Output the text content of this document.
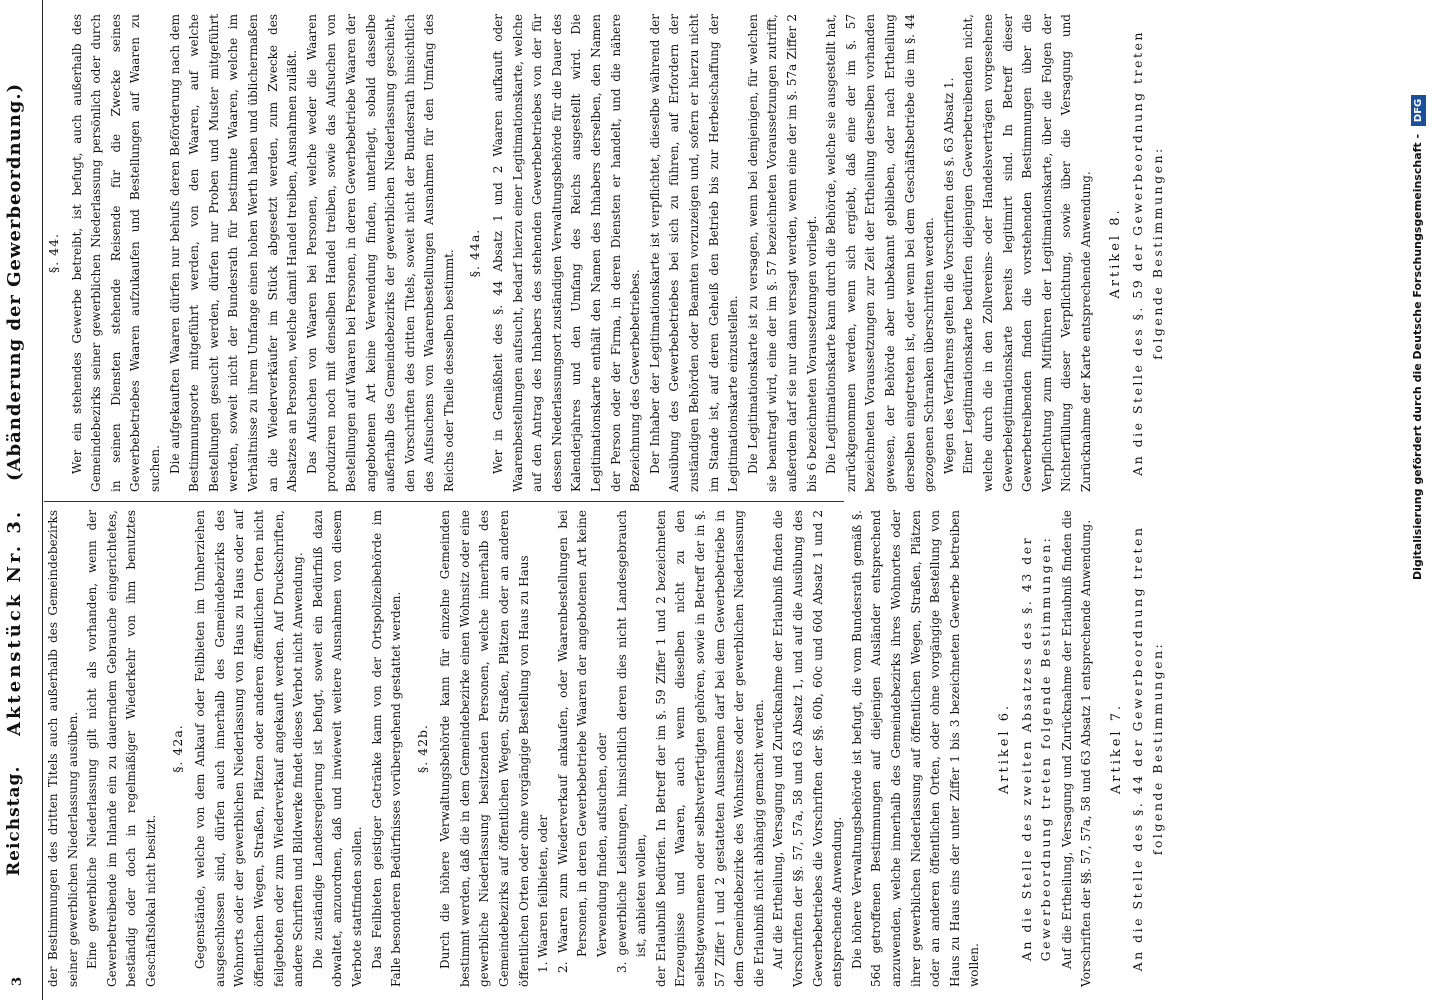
3
Reichstag.
Aktenstück Nr. 3.
(Abänderung der Gewerbeordnung.)

der Bestimmungen des dritten Titels auch außerhalb des Gemeindebezirks seiner gewerblichen Niederlassung ausüben. Eine gewerbliche Niederlassung gilt nicht als vorhanden, wenn der Gewerbetreibende im Inlande ein zu dauerndem Gebrauche eingerichtetes, beständig oder doch in regelmäßiger Wiederkehr von ihm benutztes Geschäftslokal nicht besitzt.

§. 42a. Gegenstände, welche von dem Ankauf oder Feilbieten im Umherziehen ausgeschlossen sind, dürfen auch innerhalb des Gemeindebezirks des Wohnorts oder der gewerblichen Niederlassung von Haus zu Haus oder auf öffentlichen Wegen, Straßen, Plätzen oder anderen öffentlichen Orten nicht feilgeboten oder zum Wiederverkauf angekauft werden. Auf Druckschriften, andere Schriften und Bildwerke findet dieses Verbot nicht Anwendung. Die zuständige Landesregierung ist befugt, soweit ein Bedürfniß dazu obwaltet, anzuordnen, daß und inwieweit weitere Ausnahmen von diesem Verbote stattfinden sollen. Das Feilbieten geistiger Getränke kann von der Ortspolizeibehörde im Falle besonderen Bedürfnisses vorübergehend gestattet werden. §. 42b. Durch die höhere Verwaltungsbehörde kann für einzelne Gemeinden bestimmt werden, daß die in dem Gemeindebezirke einen Wohnsitz oder eine gewerbliche Niederlassung besitzenden Personen, welche innerhalb des Gemeindebezirks auf öffentlichen Wegen, Straßen, Plätzen oder an anderen öffentlichen Orten oder ohne vorgängige Bestellung von Haus zu Haus 1. Waaren feilbieten, oder 2. Waaren zum Wiederverkauf ankaufen, oder Waarenbestellungen bei Personen, in deren Gewerbebetriebe Waaren der angebotenen Art keine Verwendung finden, aufsuchen, oder 3. gewerbliche Leistungen, hinsichtlich deren dies nicht Landesgebrauch ist, anbieten wollen, der Erlaubniß bedürfen. In Betreff der im §. 59 Ziffer 1 und 2 bezeichneten Erzeugnisse und Waaren, auch wenn dieselben nicht zu den selbstgewonnenen oder selbstverfertigten gehören, sowie in Betreff der in §. 57 Ziffer 1 und 2 gestatteten Ausnahmen darf bei dem Gewerbebetriebe in dem Gemeindebezirke des Wohnsitzes oder der gewerblichen Niederlassung die Erlaubniß nicht abhängig gemacht werden. Auf die Ertheilung, Versagung und Zurücknahme der Erlaubniß finden die Vorschriften der §§. 57, 57a, 58 und 63 Absatz 1, und auf die Ausübung des Gewerbebetriebes die Vorschriften der §§. 60b, 60c und 60d Absatz 1 und 2 entsprechende Anwendung. Die höhere Verwaltungsbehörde ist befugt, die vom Bundesrath gemäß §. 56d getroffenen Bestimmungen auf diejenigen Ausländer entsprechend anzuwenden, welche innerhalb des Gemeindebezirks ihres Wohnortes oder ihrer gewerblichen Niederlassung auf öffentlichen Wegen, Straßen, Plätzen oder an anderen öffentlichen Orten, oder ohne vorgängige Bestellung von Haus zu Haus eins der unter Ziffer 1 bis 3 bezeichneten Gewerbe betreiben wollen.

Artikel 6. An die Stelle des zweiten Absatzes des §. 43 der Gewerbeordnung treten folgende Bestimmungen: Auf die Ertheilung, Versagung und Zurücknahme der Erlaubniß finden die Vorschriften der §§. 57, 57a, 58 und 63 Absatz 1 entsprechende Anwendung. Artikel 7. An die Stelle des §. 44 der Gewerbeordnung treten folgende Bestimmungen:
§. 44. Wer ein stehendes Gewerbe betreibt, ist befugt, auch außerhalb des Gemeindebezirks seiner gewerblichen Niederlassung persönlich oder durch in seinen Diensten stehende Reisende für die Zwecke seines Gewerbebetriebes Waaren aufzukaufen und Bestellungen auf Waaren zu suchen. Die aufgekauften Waaren dürfen nur behufs deren Beförderung nach dem Bestimmungsorte mitgeführt werden, von den Waaren, auf welche Bestellungen gesucht werden, dürfen nur Proben und Muster mitgeführt werden, soweit nicht der Bundesrath für bestimmte Waaren, welche im Verhältnisse zu ihrem Umfange einen hohen Werth haben und üblichermaßen an die Wiederverkäufer im Stück abgesetzt werden, zum Zwecke des Absatzes an Personen, welche damit Handel treiben, Ausnahmen zuläßt. Das Aufsuchen von Waaren bei Personen, welche weder die Waaren produziren noch mit denselben Handel treiben, sowie das Aufsuchen von Bestellungen auf Waaren bei Personen, in deren Gewerbebetriebe Waaren der angebotenen Art keine Verwendung finden, unterliegt, sobald dasselbe außerhalb des Gemeindebezirks der gewerblichen Niederlassung geschieht, den Vorschriften des dritten Titels, soweit nicht der Bundesrath hinsichtlich des Aufsuchens von Waarenbestellungen Ausnahmen für den Umfang des Reichs oder Theile desselben bestimmt. §. 44a. Wer in Gemäßheit des §. 44 Absatz 1 und 2 Waaren aufkauft oder Waarenbestellungen aufsucht, bedarf hierzu einer Legitimationskarte, welche auf den Antrag des Inhabers des stehenden Gewerbebetriebes von der für dessen Niederlassungsort zuständigen Verwaltungsbehörde für die Dauer des Kalenderjahres und den Umfang des Reichs ausgestellt wird. Die Legitimationskarte enthält den Namen des Inhabers derselben, den Namen der Person oder der Firma, in deren Diensten er handelt, und die nähere Bezeichnung des Gewerbebetriebes. Der Inhaber der Legitimationskarte ist verpflichtet, dieselbe während der Ausübung des Gewerbebetriebes bei sich zu führen, auf Erfordern der zuständigen Behörden oder Beamten vorzuzeigen und, sofern er hierzu nicht im Stande ist, auf deren Geheiß den Betrieb bis zur Herbeischaffung der Legitimationskarte einzustellen. Die Legitimationskarte ist zu versagen, wenn bei demjenigen, für welchen sie beantragt wird, eine der im §. 57 bezeichneten Voraussetzungen zutrifft, außerdem darf sie nur dann versagt werden, wenn eine der im §. 57a Ziffer 2 bis 6 bezeichneten Voraussetzungen vorliegt. Die Legitimationskarte kann durch die Behörde, welche sie ausgestellt hat, zurückgenommen werden, wenn sich ergiebt, daß eine der im §. 57 bezeichneten Voraussetzungen zur Zeit der Ertheilung derselben vorhanden gewesen, der Behörde aber unbekannt geblieben, oder nach Ertheilung derselben eingetreten ist, oder wenn bei dem Geschäftsbetriebe die im §. 44 gezogenen Schranken überschritten werden. Wegen des Verfahrens gelten die Vorschriften des §. 63 Absatz 1. Einer Legitimationskarte bedürfen diejenigen Gewerbetreibenden nicht, welche durch die in den Zollvereins- oder Handelsverträgen vorgesehene Gewerbelegitimationskarte bereits legitimirt sind. In Betreff dieser Gewerbetreibenden finden die vorstehenden Bestimmungen über die Verpflichtung zum Mitführen der Legitimationskarte, über die Folgen der Nichterfüllung dieser Verpflichtung, sowie über die Versagung und Zurücknahme der Karte entsprechende Anwendung. Artikel 8. An die Stelle des §. 59 der Gewerbeordnung treten folgende Bestimmungen:	Digitalisierung gefördert durch die Deutsche Forschungsgemeinschaft - DFG
